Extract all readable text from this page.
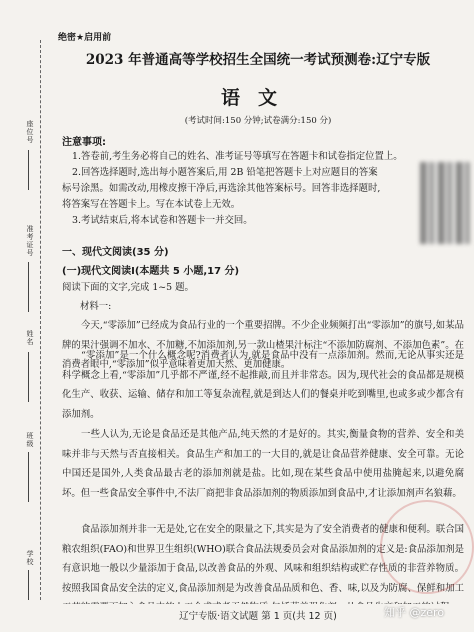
座位号
准考证号
姓名
班级
学校
绝密★启用前
2023 年普通高等学校招生全国统一考试预测卷:辽宁专版
语文
(考试时间:150 分钟;试卷满分:150 分)
注意事项:
1.答卷前,考生务必将自己的姓名、准考证号等填写在答题卡和试卷指定位置上。
2.回答选择题时,选出每小题答案后,用 2B 铅笔把答题卡上对应题目的答案
标号涂黑。如需改动,用橡皮擦干净后,再选涂其他答案标号。回答非选择题时,
将答案写在答题卡上。写在本试卷上无效。
3.考试结束后,将本试卷和答题卡一并交回。
一、现代文阅读(35 分)
(一)现代文阅读Ⅰ(本题共 5 小题,17 分)
阅读下面的文字,完成 1~5 题。
材料一:
今天,“零添加”已经成为食品行业的一个重要招牌。不少企业频频打出“零添加”的旗号,如某品牌的果汁强调不加水、不加糖,不加添加剂,另一款山楂果汁标注“不添加防腐剂、不添加色素”。在消费者眼中,“零添加”似乎意味着更加天然、更加健康。
“零添加”是一个什么概念呢?消费者认为,就是食品中没有一点添加剂。然而,无论从事实还是科学概念上看,“零添加”几乎都不严谨,经不起推敲,而且并非常态。因为,现代社会的食品都是规模化生产、收获、运输、储存和加工等复杂流程,就是到达人们的餐桌并吃到嘴里,也或多或少都含有添加剂。
一些人认为,无论是食品还是其他产品,纯天然的才是好的。其实,衡量食物的营养、安全和美味并非与天然与否直接相关。食品生产和加工的一大目的,就是让食品营养健康、安全可靠。无论中国还是国外,人类食品最古老的添加剂就是盐。比如,现在某些食品中使用盐腌起来,以避免腐坏。但一些食品安全事件中,不法厂商把非食品添加剂的物质添加到食品中,才让添加剂声名狼藉。
食品添加剂并非一无是处,它在安全的限量之下,其实是为了安全消费者的健康和便利。联合国粮农组织(FAO)和世界卫生组织(WHO)联合食品法规委员会对食品添加剂的定义是:食品添加剂是有意识地一般以少量添加于食品,以改善食品的外观、风味和组织结构或贮存性质的非营养物质。按照我国食品安全法的定义,食品添加剂是为改善食品品质和色、香、味,以及为防腐、保鲜和加工
辽宁专版·语文试题 第 1 页(共 12 页)	知乎 @zero
